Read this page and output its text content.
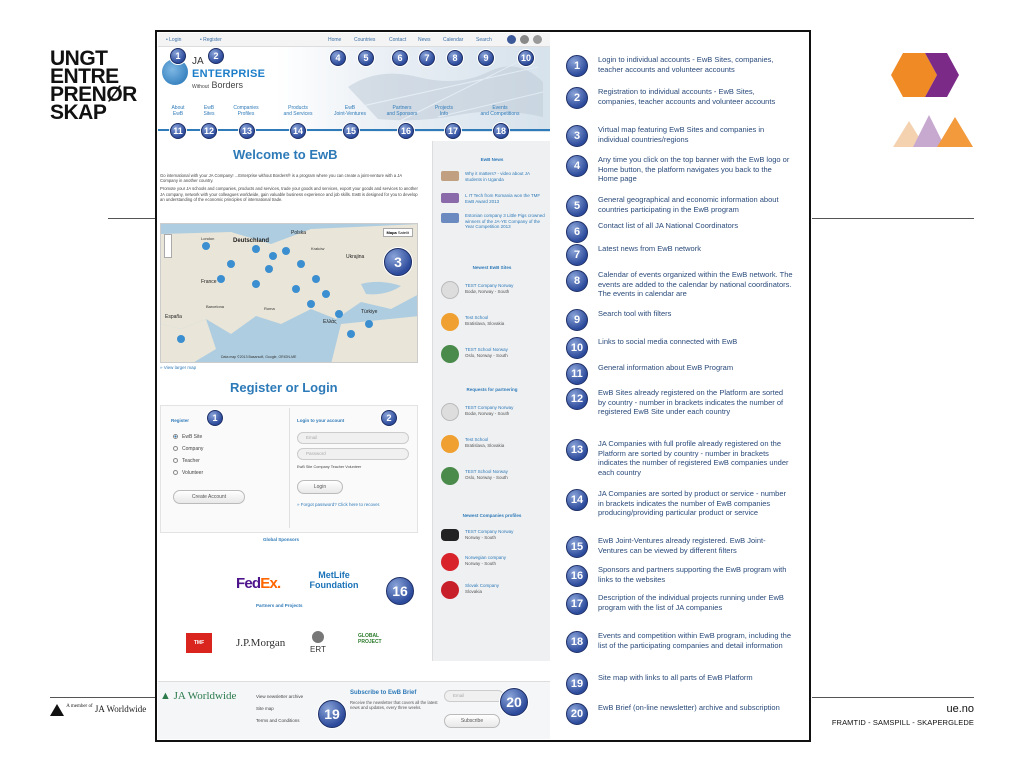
UNGT
ENTRE
PRENØR
SKAP
$^{A member of}$ JA Worldwide	ue.no
FRAMTID - SAMSPILL - SKAPERGLEDE
• Login	• Register	Home	Countries	Contact News Calendar	Search
JA
ENTERPRISE
Without Borders
About
EwB
EwB
Sites
Companies
Profiles
Products
and Services
EwB
Joint-Ventures
Partners
and Sponsors
Projects
Info
Events
and Competitions
1	2	4	5	6	7	8	9	10
11	12	13	14	15	16	17	18
Welcome to EwB

Go international with your JA Company! ...Enterprise without Borders® is a program where you can create a joint-venture with a JA Company in another country.

Promote your JA schools and companies, products and services, trade your goods and services, export your goods and services to another JA company, network with your colleagues worldwide, gain valuable business experience and job skills. EwB is designed for you to develop an understanding of the economic principles of international trade.

London	Deutschland
Polska
Kraków
Ukrajina
España
Barcelona	Roma
Ελλάς
Türkiye
France
Mapa Satelit
Data map ©2013 Basarsoft, Google, ORION-ME
3
» View larger map
Register or Login
Register	1
EwB Site
Company
Teacher
Volunteer
Create Account
Login to your account	2
Email
Password
EwB Site Company Teacher Volunteer
Login
» Forgot password? Click here to recover.
Global Sponsors
FedEx.	MetLife Foundation	16
Partners and Projects
TMF	J.P.Morgan
ERT
GLOBAL PROJECT
EwB News
Why it matters? - video about JA students in Uganda
L IT Tech from Romania won the TMF EwB Award 2013
Estonian company 3 Little Pigs crowned winners of the JA-YE Company of the Year Competition 2013
Newest EwB Sites
TEST Company Norway
Bodø, Norway - South
Test School
Bratislava, Slovakia
TEST School Norway
Oslo, Norway - South
Requests for partnering
TEST Company Norway
Bodø, Norway - South
Test School
Bratislava, Slovakia
TEST School Norway
Oslo, Norway - South
Newest Companies profiles
TEST Company Norway
Norway - South
Norwegian company
Norway - South
Slovak Company
Slovakia
▲ JA Worldwide	View newsletter archive
Site map
Terms and Conditions	19
Subscribe to EwB Brief
Receive the newsletter that covers all the latest news and updates, every three weeks.
Email
Subscribe
20
1
Login to individual accounts - EwB Sites, companies, teacher accounts and volunteer accounts
2
Registration to individual accounts - EwB Sites, companies, teacher accounts and volunteer accounts
3
Virtual map featuring EwB Sites and companies in individual countries/regions
4
Any time you click on the top banner with the EwB logo or Home button, the platform navigates you back to the Home page
5
General geographical and economic information about countries participating in the EwB program
6
Contact list of all JA National Coordinators
7
Latest news from EwB network
8
Calendar of events organized within the EwB network. The events are added to the calendar by national coordinators. The events in calendar are
9
Search tool with filters
10
Links to social media connected with EwB
11
General information about EwB Program
12
EwB Sites already registered on the Platform are sorted by country - number in brackets indicates the number of registered EwB Site under each country
13
JA Companies with full profile already registered on the Platform are sorted by country - number in brackets indicates the number of registered EwB companies under each country
14
JA Companies are sorted by product or service - number in brackets indicates the number of EwB companies producing/providing particular product or service
15
EwB Joint-Ventures already registered. EwB Joint-Ventures can be viewed by different filters
16
Sponsors and partners supporting the EwB program with links to the websites
17
Description of the individual projects running under EwB program with the list of JA companies
18
Events and competition within EwB program, including the list of the participating companies and detail information
19
Site map with links to all parts of EwB Platform
20
EwB Brief (on-line newsletter) archive and subscription
